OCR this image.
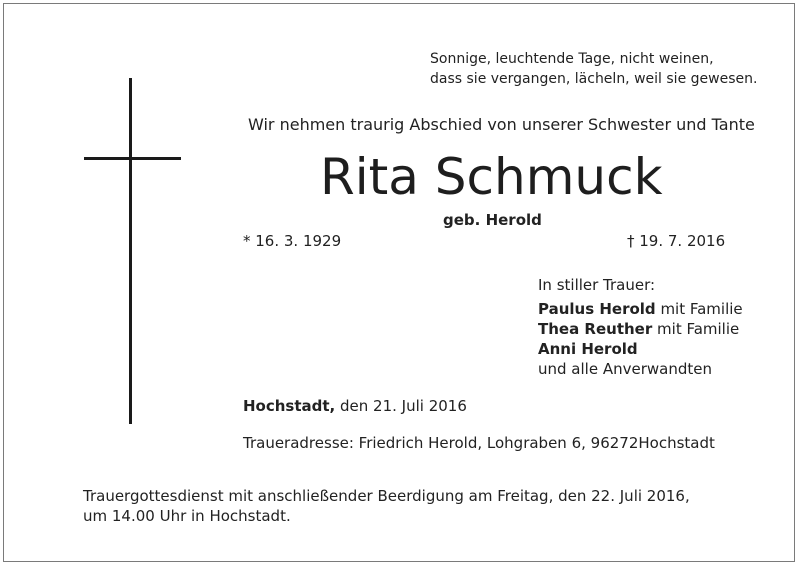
Sonnige, leuchtende Tage, nicht weinen,
dass sie vergangen, lächeln, weil sie gewesen.
Wir nehmen traurig Abschied von unserer Schwester und Tante
Rita Schmuck
geb. Herold
* 16. 3. 1929	† 19. 7. 2016
In stiller Trauer:
Paulus Herold mit Familie
Thea Reuther mit Familie
Anni Herold
und alle Anverwandten
Hochstadt, den 21. Juli 2016
Traueradresse: Friedrich Herold, Lohgraben 6, 96272Hochstadt
Trauergottesdienst mit anschließender Beerdigung am Freitag, den 22. Juli 2016,
um 14.00 Uhr in Hochstadt.
